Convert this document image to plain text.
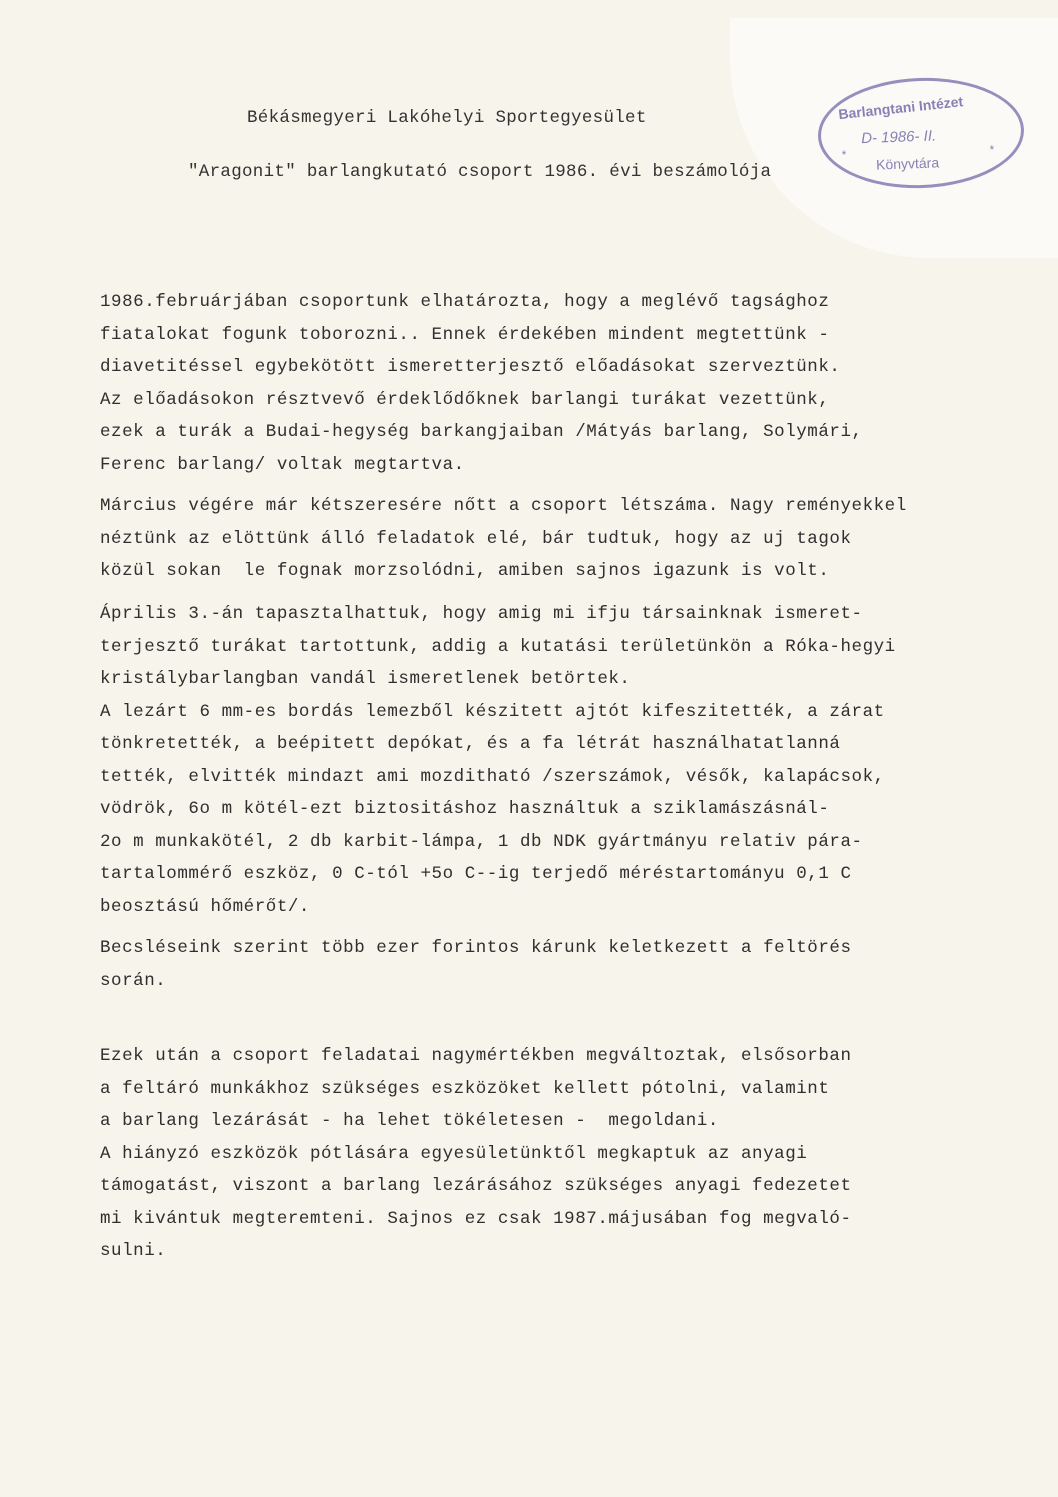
Békásmegyeri Lakóhelyi Sportegyesület
"Aragonit" barlangkutató csoport 1986. évi beszámolója
Barlangtani Intézet
D- 1986- II.
Könyvtára
*	*
1986.februárjában csoportunk elhatározta, hogy a meglévő tagsághoz
fiatalokat fogunk toborozni.. Ennek érdekében mindent megtettünk -
diavetitéssel egybekötött ismeretterjesztő előadásokat szerveztünk.
Az előadásokon résztvevő érdeklődőknek barlangi turákat vezettünk,
ezek a turák a Budai-hegység barkangjaiban /Mátyás barlang, Solymári,
Ferenc barlang/ voltak megtartva.
Március végére már kétszeresére nőtt a csoport létszáma. Nagy reményekkel
néztünk az elöttünk álló feladatok elé, bár tudtuk, hogy az uj tagok
közül sokan  le fognak morzsolódni, amiben sajnos igazunk is volt.
Április 3.-án tapasztalhattuk, hogy amig mi ifju társainknak ismeret-
terjesztő turákat tartottunk, addig a kutatási területünkön a Róka-hegyi
kristálybarlangban vandál ismeretlenek betörtek.
A lezárt 6 mm-es bordás lemezből készitett ajtót kifeszitették, a zárat
tönkretették, a beépitett depókat, és a fa létrát használhatatlanná
tették, elvitték mindazt ami mozditható /szerszámok, vésők, kalapácsok,
vödrök, 6o m kötél-ezt biztositáshoz használtuk a sziklamászásnál-
2o m munkakötél, 2 db karbit-lámpa, 1 db NDK gyártmányu relativ pára-
tartalommérő eszköz, 0 C-tól +5o C--ig terjedő méréstartományu 0,1 C
beosztású hőmérőt/.
Becsléseink szerint több ezer forintos kárunk keletkezett a feltörés
során.
Ezek után a csoport feladatai nagymértékben megváltoztak, elsősorban
a feltáró munkákhoz szükséges eszközöket kellett pótolni, valamint
a barlang lezárását - ha lehet tökéletesen -  megoldani.
A hiányzó eszközök pótlására egyesületünktől megkaptuk az anyagi
támogatást, viszont a barlang lezárásához szükséges anyagi fedezetet
mi kivántuk megteremteni. Sajnos ez csak 1987.májusában fog megvaló-
sulni.
